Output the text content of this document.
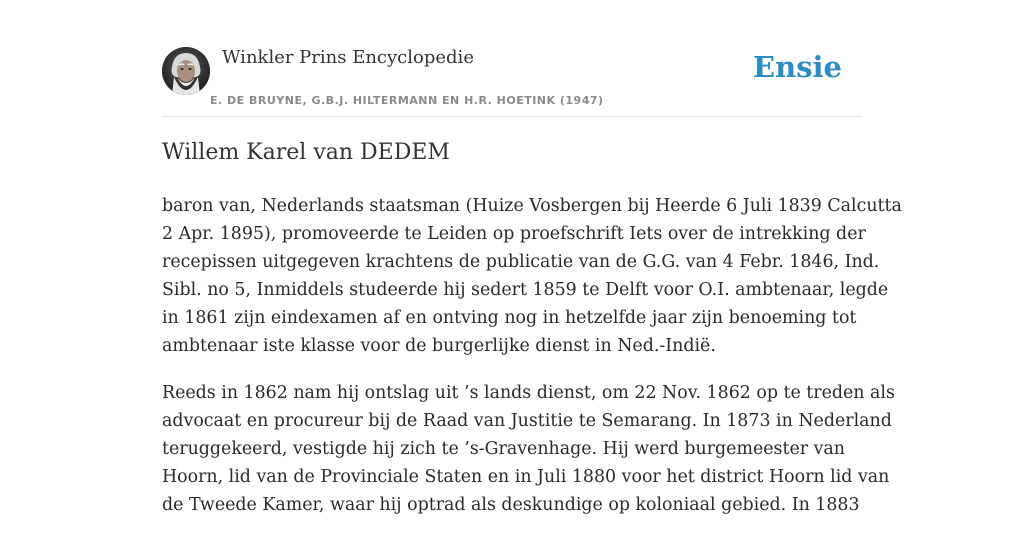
Winkler Prins Encyclopedie
E. DE BRUYNE, G.B.J. HILTERMANN EN H.R. HOETINK (1947)
Ensie
Willem Karel van DEDEM

baron van, Nederlands staatsman (Huize Vosbergen bij Heerde 6 Juli 1839 Calcutta
2 Apr. 1895), promoveerde te Leiden op proefschrift Iets over de intrekking der
recepissen uitgegeven krachtens de publicatie van de G.G. van 4 Febr. 1846, Ind.
Sibl. no 5, Inmiddels studeerde hij sedert 1859 te Delft voor O.I. ambtenaar, legde
in 1861 zijn eindexamen af en ontving nog in hetzelfde jaar zijn benoeming tot
ambtenaar iste klasse voor de burgerlijke dienst in Ned.-Indië.

Reeds in 1862 nam hij ontslag uit ’s lands dienst, om 22 Nov. 1862 op te treden als
advocaat en procureur bij de Raad van Justitie te Semarang. In 1873 in Nederland
teruggekeerd, vestigde hij zich te ’s-Gravenhage. Hij werd burgemeester van
Hoorn, lid van de Provinciale Staten en in Juli 1880 voor het district Hoorn lid van
de Tweede Kamer, waar hij optrad als deskundige op koloniaal gebied. In 1883
